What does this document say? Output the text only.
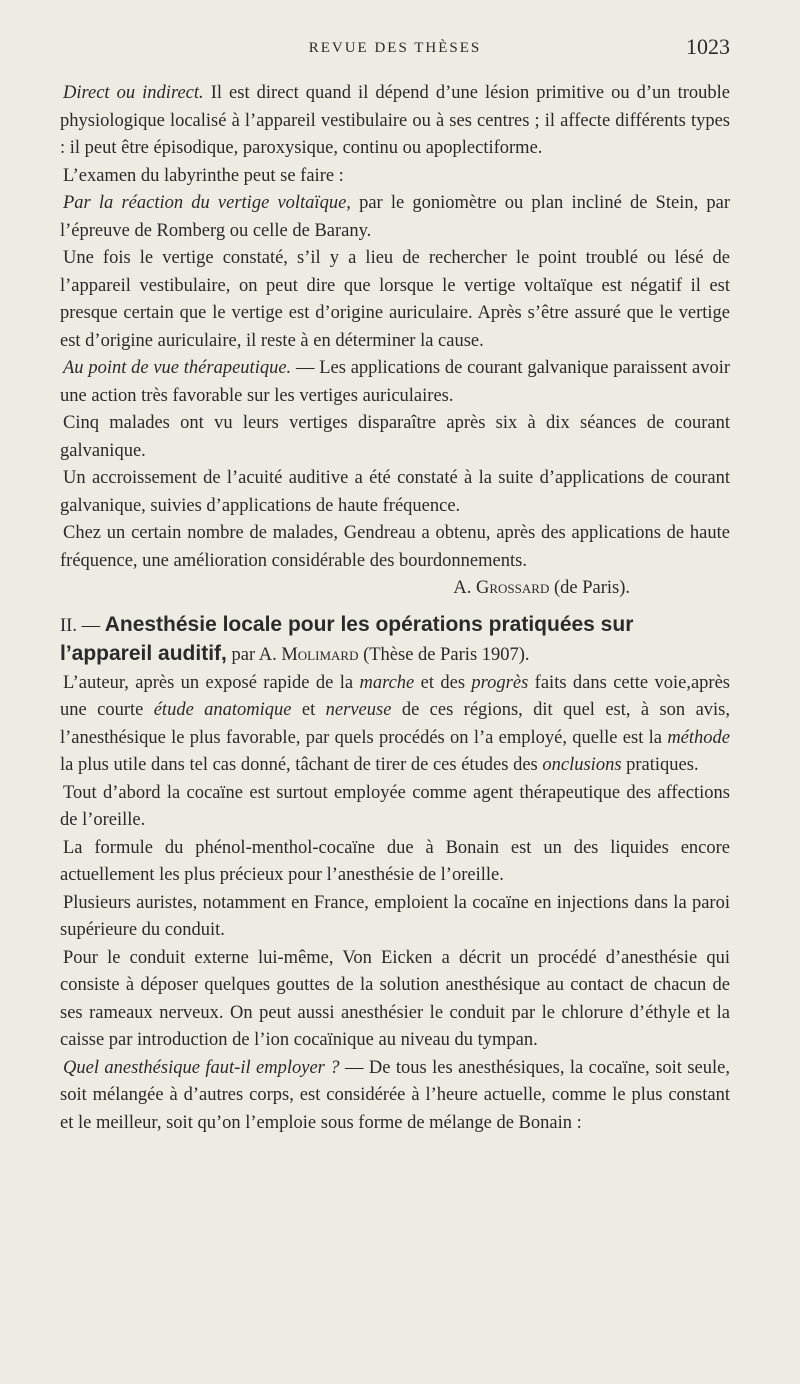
REVUE DES THÈSES	1023

Direct ou indirect. Il est direct quand il dépend d’une lésion primitive ou d’un trouble physiologique localisé à l’appareil vestibulaire ou à ses centres ; il affecte différents types : il peut être épisodique, paroxysique, continu ou apoplectiforme.

L’examen du labyrinthe peut se faire :

Par la réaction du vertige voltaïque, par le goniomètre ou plan incliné de Stein, par l’épreuve de Romberg ou celle de Barany.

Une fois le vertige constaté, s’il y a lieu de rechercher le point troublé ou lésé de l’appareil vestibulaire, on peut dire que lorsque le vertige voltaïque est négatif il est presque certain que le vertige est d’origine auriculaire. Après s’être assuré que le vertige est d’origine auriculaire, il reste à en déterminer la cause.

Au point de vue thérapeutique. — Les applications de courant galvanique paraissent avoir une action très favorable sur les vertiges auriculaires.

Cinq malades ont vu leurs vertiges disparaître après six à dix séances de courant galvanique.

Un accroissement de l’acuité auditive a été constaté à la suite d’applications de courant galvanique, suivies d’applications de haute fréquence.

Chez un certain nombre de malades, Gendreau a obtenu, après des applications de haute fréquence, une amélioration considérable des bourdonnements.

A. Grossard (de Paris).
II. — Anesthésie locale pour les opérations pratiquées sur l’appareil auditif, par A. Molimard (Thèse de Paris 1907).

L’auteur, après un exposé rapide de la marche et des progrès faits dans cette voie,après une courte étude anatomique et nerveuse de ces régions, dit quel est, à son avis, l’anesthésique le plus favorable, par quels procédés on l’a employé, quelle est la méthode la plus utile dans tel cas donné, tâchant de tirer de ces études des onclusions pratiques.

Tout d’abord la cocaïne est surtout employée comme agent thérapeutique des affections de l’oreille.

La formule du phénol-menthol-cocaïne due à Bonain est un des liquides encore actuellement les plus précieux pour l’anesthésie de l’oreille.

Plusieurs auristes, notamment en France, emploient la cocaïne en injections dans la paroi supérieure du conduit.

Pour le conduit externe lui-même, Von Eicken a décrit un procédé d’anesthésie qui consiste à déposer quelques gouttes de la solution anesthésique au contact de chacun de ses rameaux nerveux. On peut aussi anesthésier le conduit par le chlorure d’éthyle et la caisse par introduction de l’ion cocaïnique au niveau du tympan.

Quel anesthésique faut-il employer ? — De tous les anesthésiques, la cocaïne, soit seule, soit mélangée à d’autres corps, est considérée à l’heure actuelle, comme le plus constant et le meilleur, soit qu’on l’emploie sous forme de mélange de Bonain :
